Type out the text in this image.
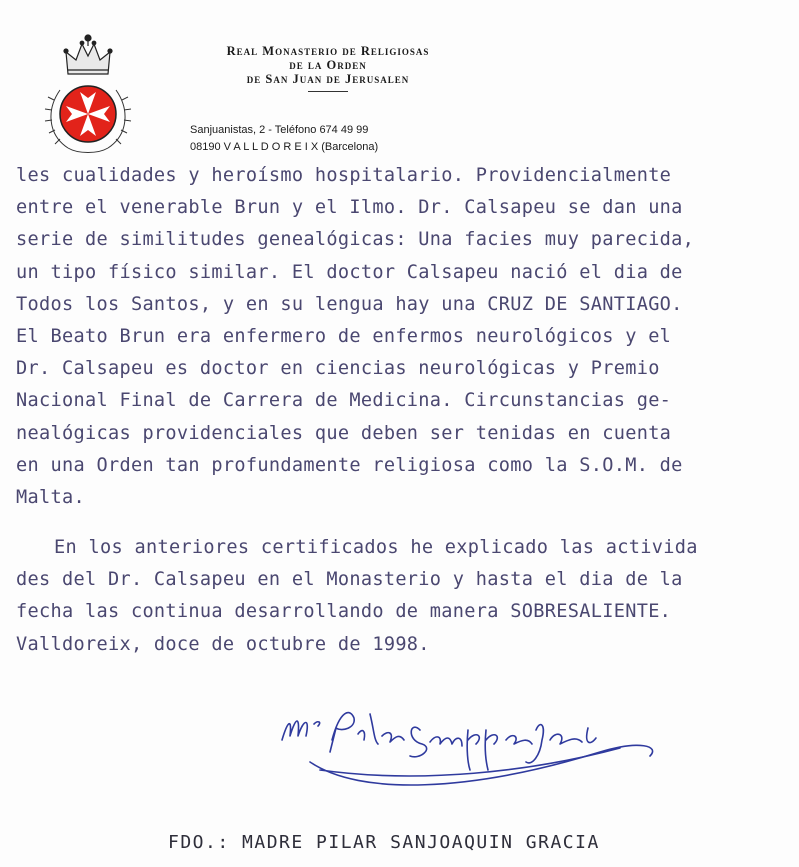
Real Monasterio de Religiosas
de la Orden
de San Juan de Jerusalen
Sanjuanistas, 2 - Teléfono 674 49 99
08190 V A L L D O R E I X (Barcelona)
les cualidades y heroísmo hospitalario. Providencialmente
entre el venerable Brun y el Ilmo. Dr. Calsapeu se dan una
serie de similitudes genealógicas: Una facies muy parecida,
un tipo físico similar. El doctor Calsapeu nació el dia de
Todos los Santos, y en su lengua hay una CRUZ DE SANTIAGO.
El Beato Brun era enfermero de enfermos neurológicos y el
Dr. Calsapeu es doctor en ciencias neurológicas y Premio
Nacional Final de Carrera de Medicina. Circunstancias ge-
nealógicas providenciales que deben ser tenidas en cuenta
en una Orden tan profundamente religiosa como la S.O.M. de
Malta.
En los anteriores certificados he explicado las activida
des del Dr. Calsapeu en el Monasterio y hasta el dia de la
fecha las continua desarrollando de manera SOBRESALIENTE.
Valldoreix, doce de octubre de 1998.
FDO.: MADRE PILAR SANJOAQUIN GRACIA
